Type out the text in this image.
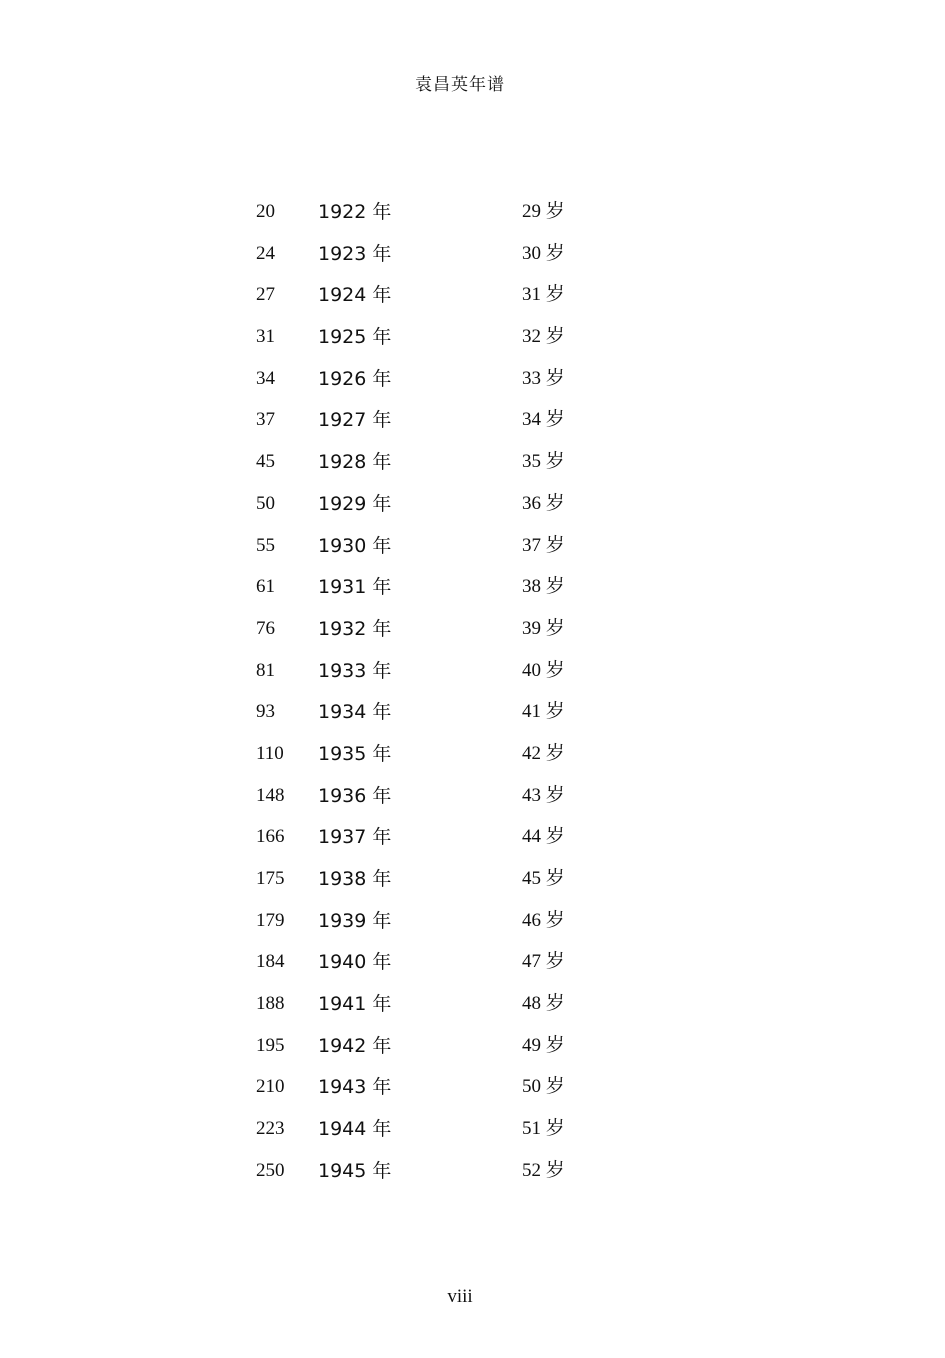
袁昌英年谱
20 1922 年	29 岁
24 1923 年	30 岁
27 1924 年	31 岁
31 1925 年	32 岁
34 1926 年	33 岁
37 1927 年	34 岁
45 1928 年	35 岁
50 1929 年	36 岁
55 1930 年	37 岁
61 1931 年	38 岁
76 1932 年	39 岁
81 1933 年	40 岁
93 1934 年	41 岁
110 1935 年	42 岁
148 1936 年	43 岁
166 1937 年	44 岁
175 1938 年	45 岁
179 1939 年	46 岁
184 1940 年	47 岁
188 1941 年	48 岁
195 1942 年	49 岁
210 1943 年	50 岁
223 1944 年	51 岁
250 1945 年	52 岁
viii
